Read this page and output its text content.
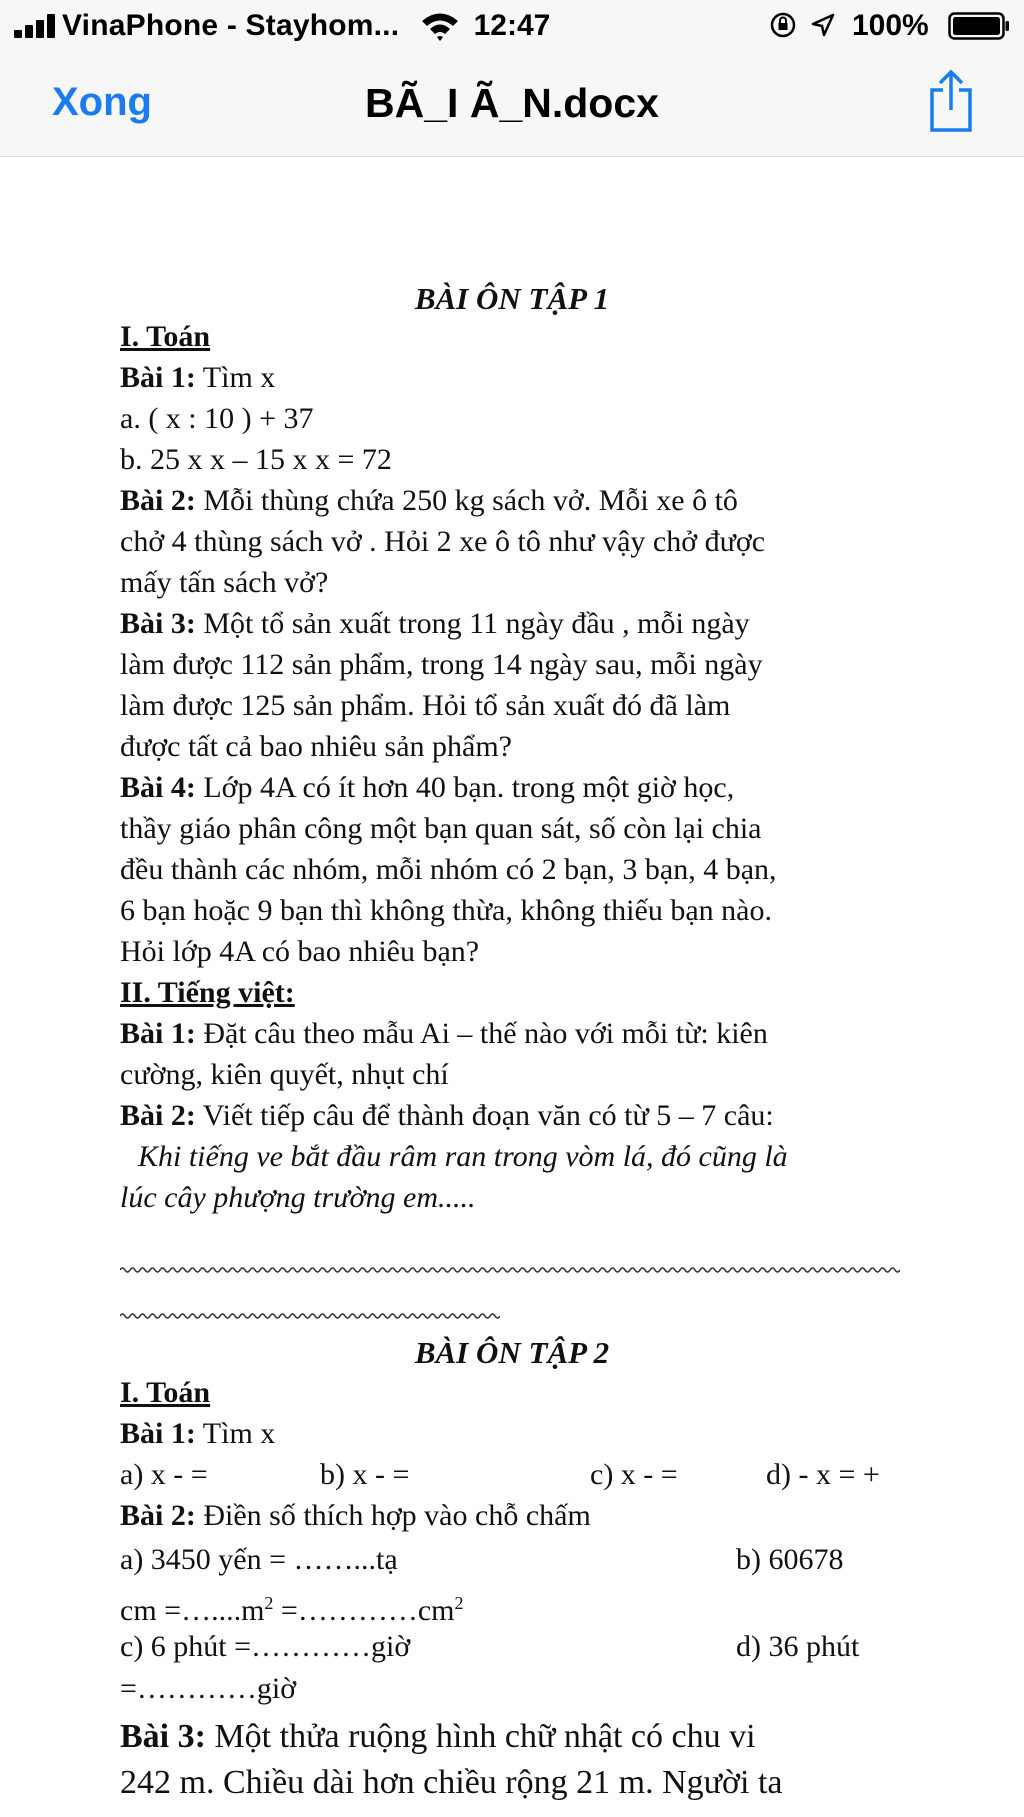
VinaPhone - Stayhom...	12:47	100%
Xong	BÃ_I Ã_N.docx
BÀI ÔN TẬP 1
I. Toán
Bài 1: Tìm x
a. ( x : 10 ) + 37
b. 25 x x – 15 x x = 72
Bài 2: Mỗi thùng chứa 250 kg sách vở. Mỗi xe ô tô
chở 4 thùng sách vở . Hỏi 2 xe ô tô như vậy chở được
mấy tấn sách vở?
Bài 3: Một tổ sản xuất trong 11 ngày đầu , mỗi ngày
làm được 112 sản phẩm, trong 14 ngày sau, mỗi ngày
làm được 125 sản phẩm. Hỏi tổ sản xuất đó đã làm
được tất cả bao nhiêu sản phẩm?
Bài 4: Lớp 4A có ít hơn 40 bạn. trong một giờ học,
thầy giáo phân công một bạn quan sát, số còn lại chia
đều thành các nhóm, mỗi nhóm có 2 bạn, 3 bạn, 4 bạn,
6 bạn hoặc 9 bạn thì không thừa, không thiếu bạn nào.
Hỏi lớp 4A có bao nhiêu bạn?
II. Tiếng việt:
Bài 1: Đặt câu theo mẫu Ai – thế nào với mỗi từ: kiên
cường, kiên quyết, nhụt chí
Bài 2: Viết tiếp câu để thành đoạn văn có từ 5 – 7 câu:
Khi tiếng ve bắt đầu râm ran trong vòm lá, đó cũng là
lúc cây phượng trường em.....
BÀI ÔN TẬP 2
I. Toán
Bài 1: Tìm x
a) x - =	b) x - =	c) x - =	d) - x = +
Bài 2: Điền số thích hợp vào chỗ chấm
a) 3450 yến = ……...tạ	b) 60678
cm $=\dots....m^2$ $=\dots\dots\dots\dots cm^2$
c) 6 phút =…………giờ	d) 36 phút
=…………giờ
Bài 3: Một thửa ruộng hình chữ nhật có chu vi
242 m. Chiều dài hơn chiều rộng 21 m. Người ta
